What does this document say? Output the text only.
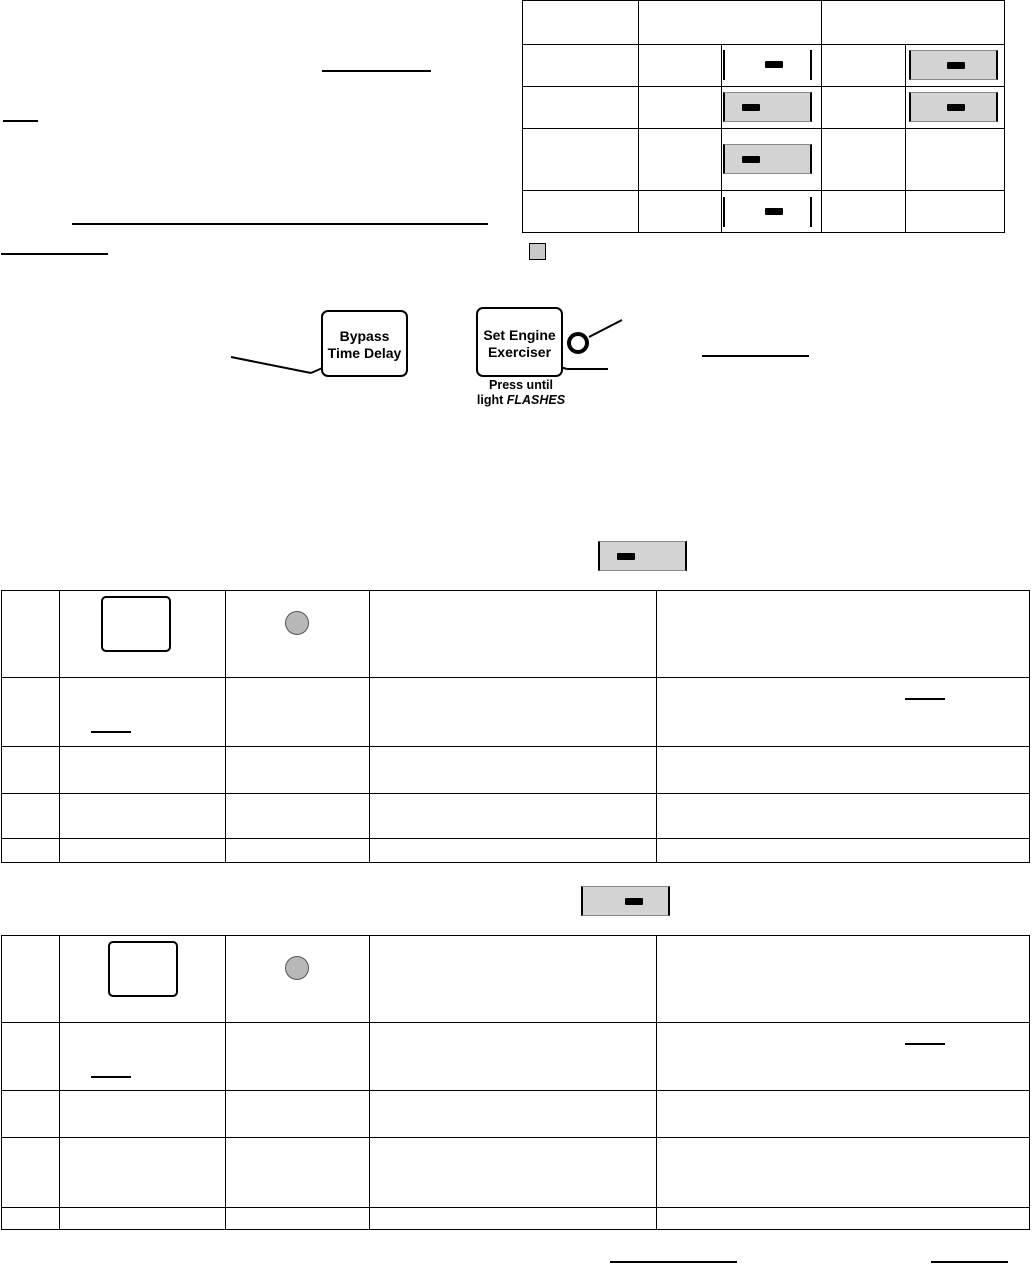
Bypass
Time Delay
Set Engine
Exerciser
Press until
light FLASHES
